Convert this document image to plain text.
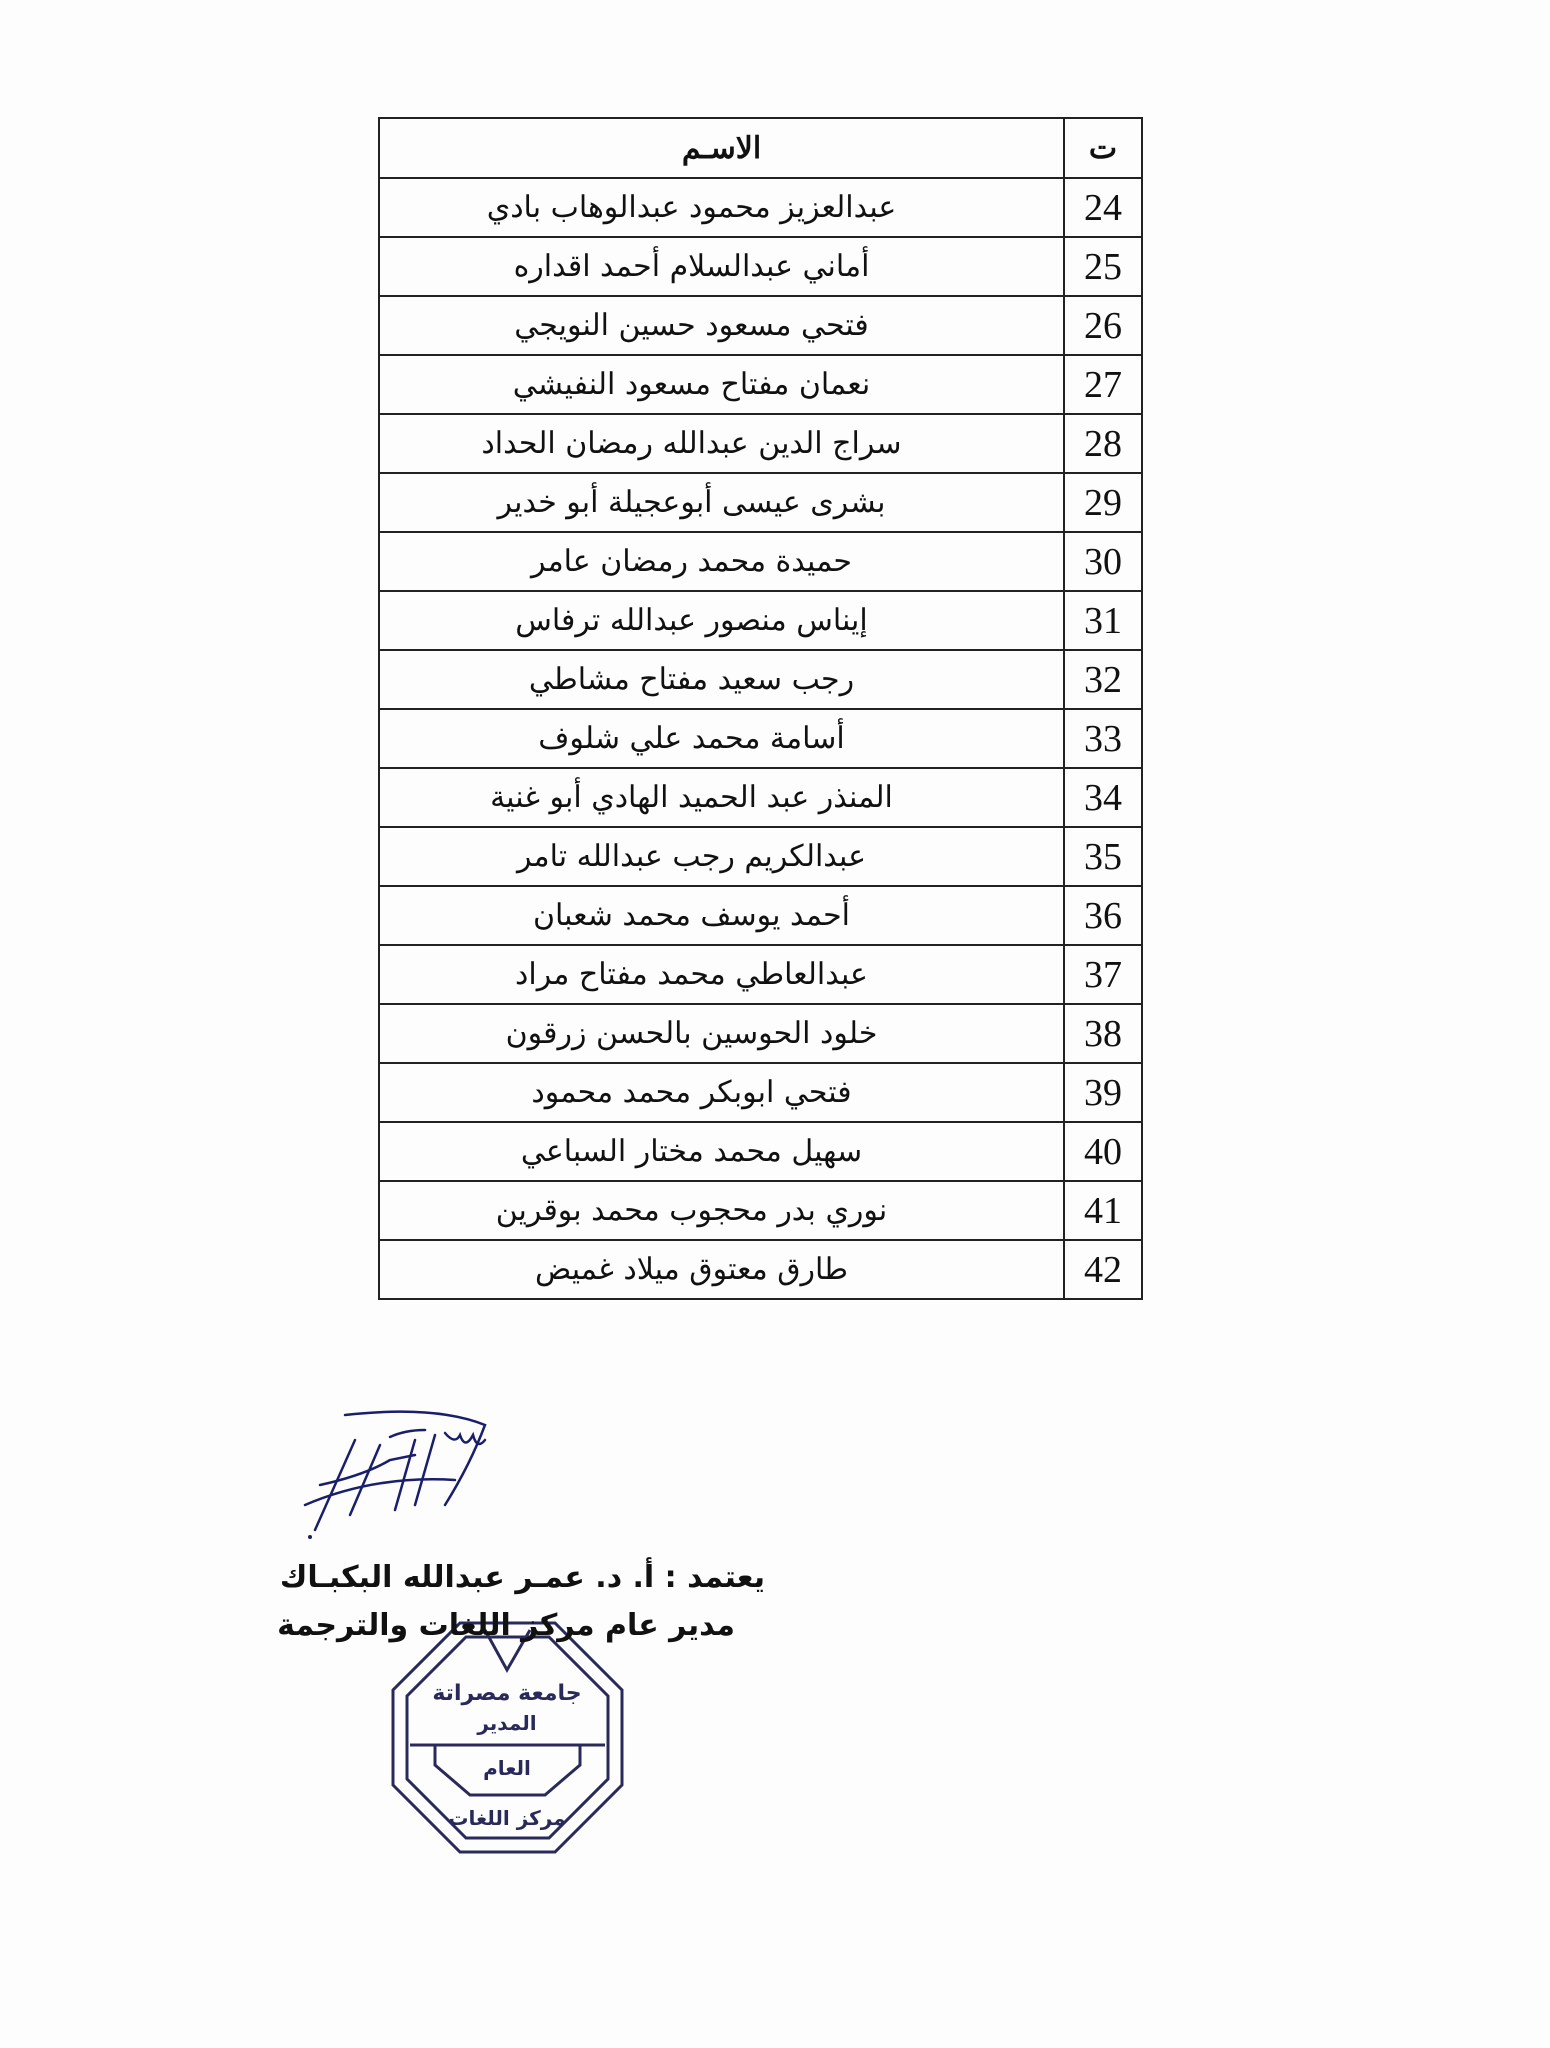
ت	الاسـم
24	عبدالعزيز محمود عبدالوهاب بادي
25	أماني عبدالسلام أحمد اقداره
26	فتحي مسعود حسين النويجي
27	نعمان مفتاح مسعود النفيشي
28	سراج الدين عبدالله رمضان الحداد
29	بشرى عيسى أبوعجيلة أبو خدير
30	حميدة محمد رمضان عامر
31	إيناس منصور عبدالله ترفاس
32	رجب سعيد مفتاح مشاطي
33	أسامة محمد علي شلوف
34	المنذر عبد الحميد الهادي أبو غنية
35	عبدالكريم رجب عبدالله تامر
36	أحمد يوسف محمد شعبان
37	عبدالعاطي محمد مفتاح مراد
38	خلود الحوسين بالحسن زرقون
39	فتحي ابوبكر محمد محمود
40	سهيل محمد مختار السباعي
41	نوري بدر محجوب محمد بوقرين
42	طارق معتوق ميلاد غميض
جامعة مصراتة
المدير
العام
مركز اللغات
يعتمد : أ. د. عمـر عبدالله البكبـاك
مدير عام مركز اللغات والترجمة
